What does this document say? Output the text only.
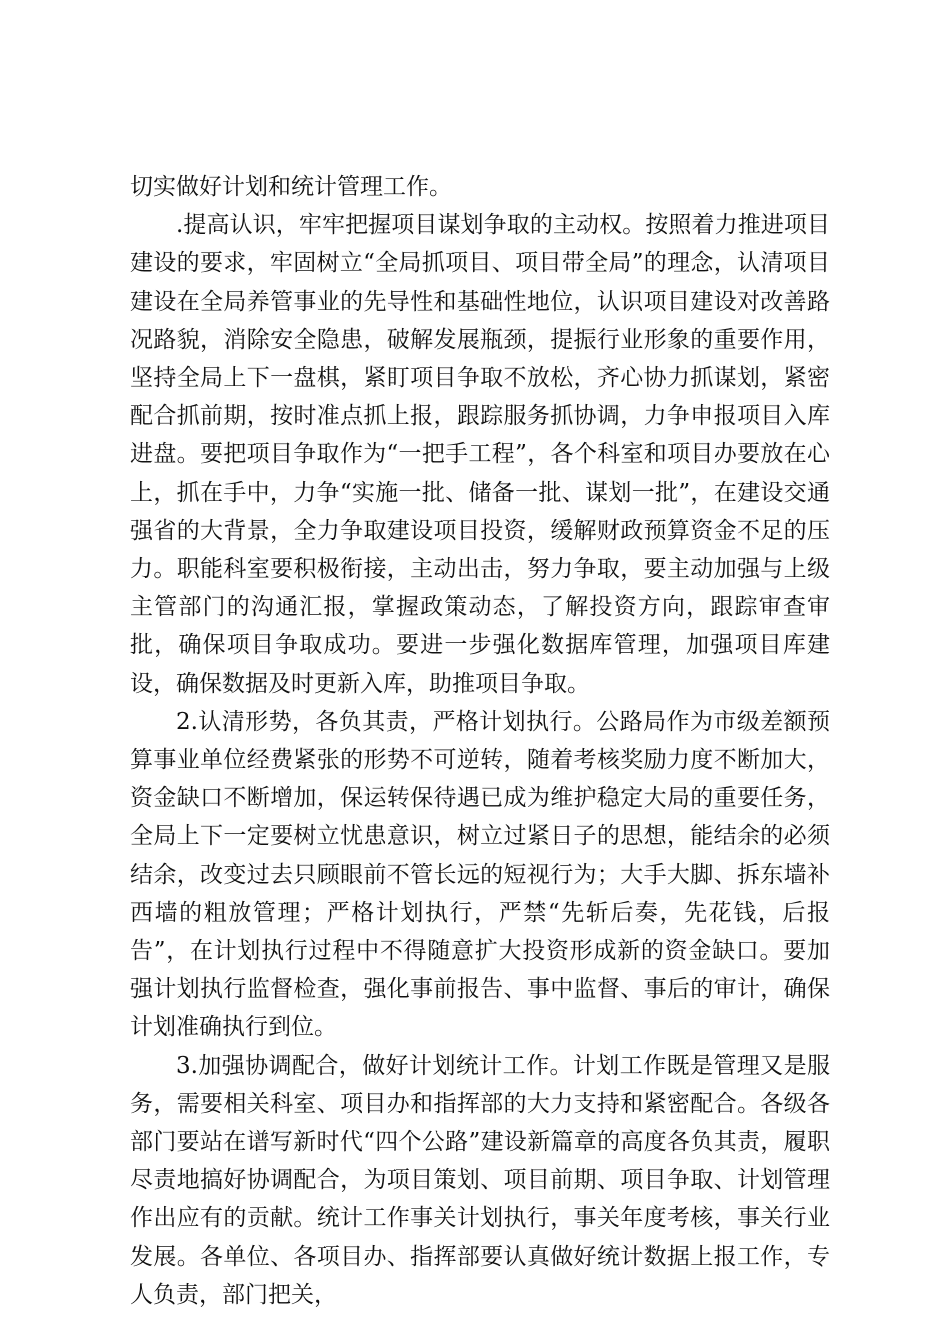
切实做好计划和统计管理工作。

.提高认识，牢牢把握项目谋划争取的主动权。按照着力推进项目建设的要求，牢固树立“全局抓项目、项目带全局”的理念，认清项目建设在全局养管事业的先导性和基础性地位，认识项目建设对改善路况路貌，消除安全隐患，破解发展瓶颈，提振行业形象的重要作用，坚持全局上下一盘棋，紧盯项目争取不放松，齐心协力抓谋划，紧密配合抓前期，按时准点抓上报，跟踪服务抓协调，力争申报项目入库进盘。要把项目争取作为“一把手工程”，各个科室和项目办要放在心上，抓在手中，力争“实施一批、储备一批、谋划一批”，在建设交通强省的大背景，全力争取建设项目投资，缓解财政预算资金不足的压力。职能科室要积极衔接，主动出击，努力争取，要主动加强与上级主管部门的沟通汇报，掌握政策动态，了解投资方向，跟踪审查审批，确保项目争取成功。要进一步强化数据库管理，加强项目库建设，确保数据及时更新入库，助推项目争取。

2.认清形势，各负其责，严格计划执行。公路局作为市级差额预算事业单位经费紧张的形势不可逆转，随着考核奖励力度不断加大，资金缺口不断增加，保运转保待遇已成为维护稳定大局的重要任务，全局上下一定要树立忧患意识，树立过紧日子的思想，能结余的必须结余，改变过去只顾眼前不管长远的短视行为；大手大脚、拆东墙补西墙的粗放管理；严格计划执行，严禁“先斩后奏，先花钱，后报告”，在计划执行过程中不得随意扩大投资形成新的资金缺口。要加强计划执行监督检查，强化事前报告、事中监督、事后的审计，确保计划准确执行到位。

3.加强协调配合，做好计划统计工作。计划工作既是管理又是服务，需要相关科室、项目办和指挥部的大力支持和紧密配合。各级各部门要站在谱写新时代“四个公路”建设新篇章的高度各负其责，履职尽责地搞好协调配合，为项目策划、项目前期、项目争取、计划管理作出应有的贡献。统计工作事关计划执行，事关年度考核，事关行业发展。各单位、各项目办、指挥部要认真做好统计数据上报工作，专人负责，部门把关，
